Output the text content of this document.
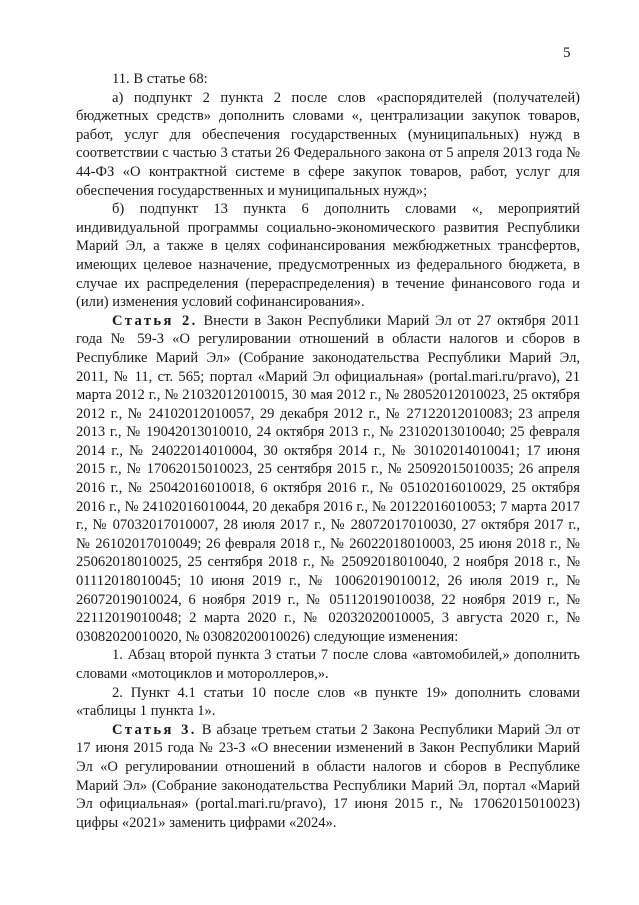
5

11. В статье 68:

а) подпункт 2 пункта 2 после слов «распорядителей (получателей) бюджетных средств» дополнить словами «, централизации закупок товаров, работ, услуг для обеспечения государственных (муниципальных) нужд в соответствии с частью 3 статьи 26 Федерального закона от 5 апреля 2013 года № 44-ФЗ «О контрактной системе в сфере закупок товаров, работ, услуг для обеспечения государственных и муниципальных нужд»;

б) подпункт 13 пункта 6 дополнить словами «, мероприятий индивидуальной программы социально-экономического развития Республики Марий Эл, а также в целях софинансирования межбюджетных трансфертов, имеющих целевое назначение, предусмотренных из федерального бюджета, в случае их распределения (перераспределения) в течение финансового года и (или) изменения условий софинансирования».

Статья 2. Внести в Закон Республики Марий Эл от 27 октября 2011 года № 59-З «О регулировании отношений в области налогов и сборов в Республике Марий Эл» (Собрание законодательства Республики Марий Эл, 2011, № 11, ст. 565; портал «Марий Эл официальная» (portal.mari.ru/pravo), 21 марта 2012 г., № 21032012010015, 30 мая 2012 г., № 28052012010023, 25 октября 2012 г., № 24102012010057, 29 декабря 2012 г., № 27122012010083; 23 апреля 2013 г., № 19042013010010, 24 октября 2013 г., № 23102013010040; 25 февраля 2014 г., № 24022014010004, 30 октября 2014 г., № 30102014010041; 17 июня 2015 г., № 17062015010023, 25 сентября 2015 г., № 25092015010035; 26 апреля 2016 г., № 25042016010018, 6 октября 2016 г., № 05102016010029, 25 октября 2016 г., № 24102016010044, 20 декабря 2016 г., № 20122016010053; 7 марта 2017 г., № 07032017010007, 28 июля 2017 г., № 28072017010030, 27 октября 2017 г., № 26102017010049; 26 февраля 2018 г., № 26022018010003, 25 июня 2018 г., № 25062018010025, 25 сентября 2018 г., № 25092018010040, 2 ноября 2018 г., № 01112018010045; 10 июня 2019 г., № 10062019010012, 26 июля 2019 г., № 26072019010024, 6 ноября 2019 г., № 05112019010038, 22 ноября 2019 г., № 22112019010048; 2 марта 2020 г., № 02032020010005, 3 августа 2020 г., № 03082020010020, № 03082020010026) следующие изменения:

1. Абзац второй пункта 3 статьи 7 после слова «автомобилей,» дополнить словами «мотоциклов и мотороллеров,».

2. Пункт 4.1 статьи 10 после слов «в пункте 19» дополнить словами «таблицы 1 пункта 1».

Статья 3. В абзаце третьем статьи 2 Закона Республики Марий Эл от 17 июня 2015 года № 23-З «О внесении изменений в Закон Республики Марий Эл «О регулировании отношений в области налогов и сборов в Республике Марий Эл» (Собрание законодательства Республики Марий Эл, портал «Марий Эл официальная» (portal.mari.ru/pravo), 17 июня 2015 г., № 17062015010023) цифры «2021» заменить цифрами «2024».
